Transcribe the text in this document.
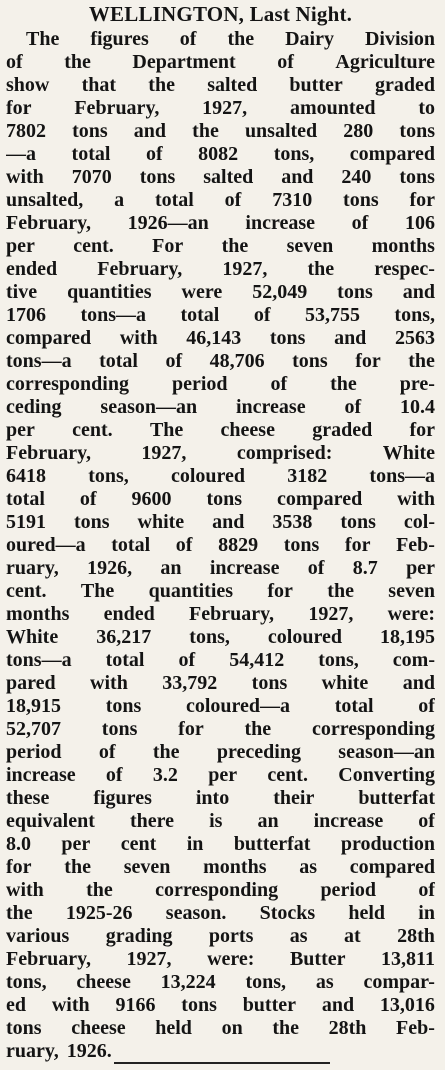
WELLINGTON, Last Night.
The figures of the Dairy Division
of the Department of Agriculture
show that the salted butter graded
for February, 1927, amounted to
7802 tons and the unsalted 280 tons
—a total of 8082 tons, compared
with 7070 tons salted and 240 tons
unsalted, a total of 7310 tons for
February, 1926—an increase of 106
per cent. For the seven months
ended February, 1927, the respec-
tive quantities were 52,049 tons and
1706 tons—a total of 53,755 tons,
compared with 46,143 tons and 2563
tons—a total of 48,706 tons for the
corresponding period of the pre-
ceding season—an increase of 10.4
per cent. The cheese graded for
February,	1927,	comprised:	White
6418 tons, coloured 3182 tons—a
total of 9600 tons compared with
5191 tons white and 3538 tons col-
oured—a total of 8829 tons for Feb-
ruary, 1926, an increase of 8.7 per
cent. The quantities for the seven
months ended February, 1927, were:
White 36,217 tons, coloured 18,195
tons—a total of 54,412 tons, com-
pared with 33,792 tons white and
18,915 tons coloured—a total of
52,707 tons for the corresponding
period of the preceding season—an
increase of 3.2 per cent. Converting
these figures into their butterfat
equivalent there is an increase of
8.0 per cent in butterfat production
for the seven months as compared
with the corresponding period of
the 1925-26 season. Stocks held in
various grading ports as at 28th
February, 1927, were: Butter 13,811
tons, cheese 13,224 tons, as compar-
ed with 9166 tons butter and 13,016
tons cheese held on the 28th Feb-
ruary, 1926.
